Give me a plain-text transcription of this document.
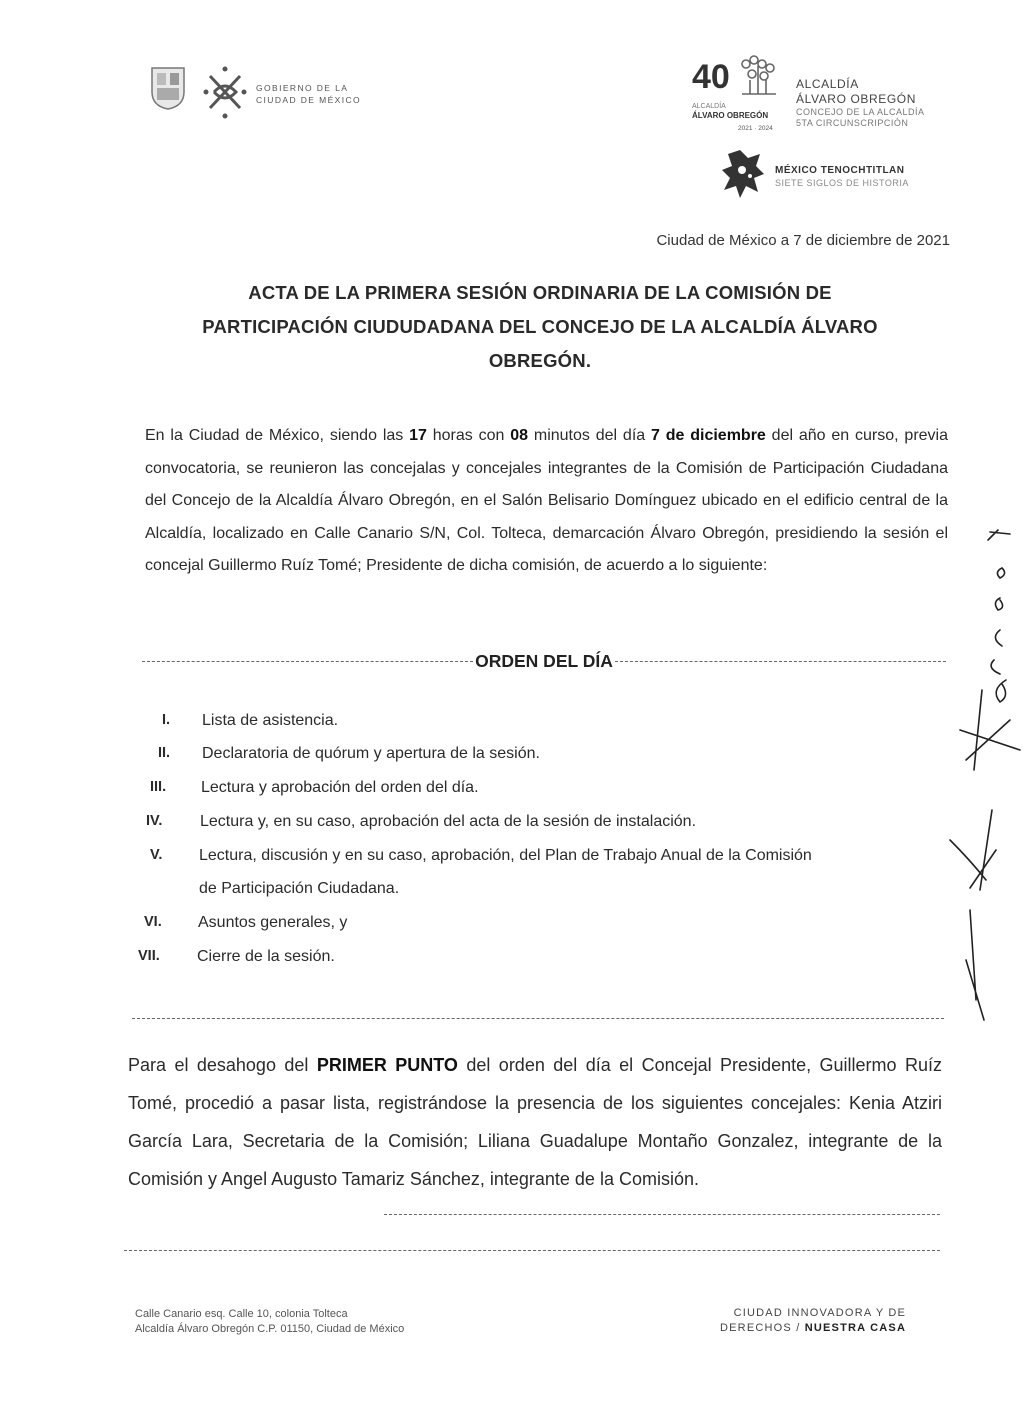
GOBIERNO DE LA
CIUDAD DE MÉXICO
40
ALCALDÍA
ÁLVARO OBREGÓN
2021 · 2024
ALCALDÍA
ÁLVARO OBREGÓN
CONCEJO DE LA ALCALDÍA
5TA CIRCUNSCRIPCIÓN
MÉXICO TENOCHTITLAN
SIETE SIGLOS DE HISTORIA
Ciudad de México a 7 de diciembre de 2021
ACTA DE LA PRIMERA SESIÓN ORDINARIA DE LA COMISIÓN DE
PARTICIPACIÓN CIUDUDADANA DEL CONCEJO DE LA ALCALDÍA ÁLVARO
OBREGÓN.
En la Ciudad de México, siendo las 17 horas con 08 minutos del día 7 de diciembre del año en curso, previa convocatoria, se reunieron las concejalas y concejales integrantes de la Comisión de Participación Ciudadana del Concejo de la Alcaldía Álvaro Obregón, en el Salón Belisario Domínguez ubicado en el edificio central de la Alcaldía, localizado en Calle Canario S/N, Col. Tolteca, demarcación Álvaro Obregón, presidiendo la sesión el concejal Guillermo Ruíz Tomé; Presidente de dicha comisión, de acuerdo a lo siguiente:
ORDEN DEL DÍA
I.	Lista de asistencia.
II.	Declaratoria de quórum y apertura de la sesión.
III.	Lectura y aprobación del orden del día.
IV.	Lectura y, en su caso, aprobación del acta de la sesión de instalación.
V.	Lectura, discusión y en su caso, aprobación, del Plan de Trabajo Anual de la Comisión
de Participación Ciudadana.
VI.	Asuntos generales, y
VII.	Cierre de la sesión.
Para el desahogo del PRIMER PUNTO del orden del día el Concejal Presidente, Guillermo Ruíz Tomé, procedió a pasar lista, registrándose la presencia de los siguientes concejales: Kenia Atziri García Lara, Secretaria de la Comisión; Liliana Guadalupe Montaño Gonzalez, integrante de la Comisión y Angel Augusto Tamariz Sánchez, integrante de la Comisión.
Calle Canario esq. Calle 10, colonia Tolteca
Alcaldía Álvaro Obregón C.P. 01150, Ciudad de México
CIUDAD INNOVADORA Y DE
DERECHOS / NUESTRA CASA
Kenia García Lara
